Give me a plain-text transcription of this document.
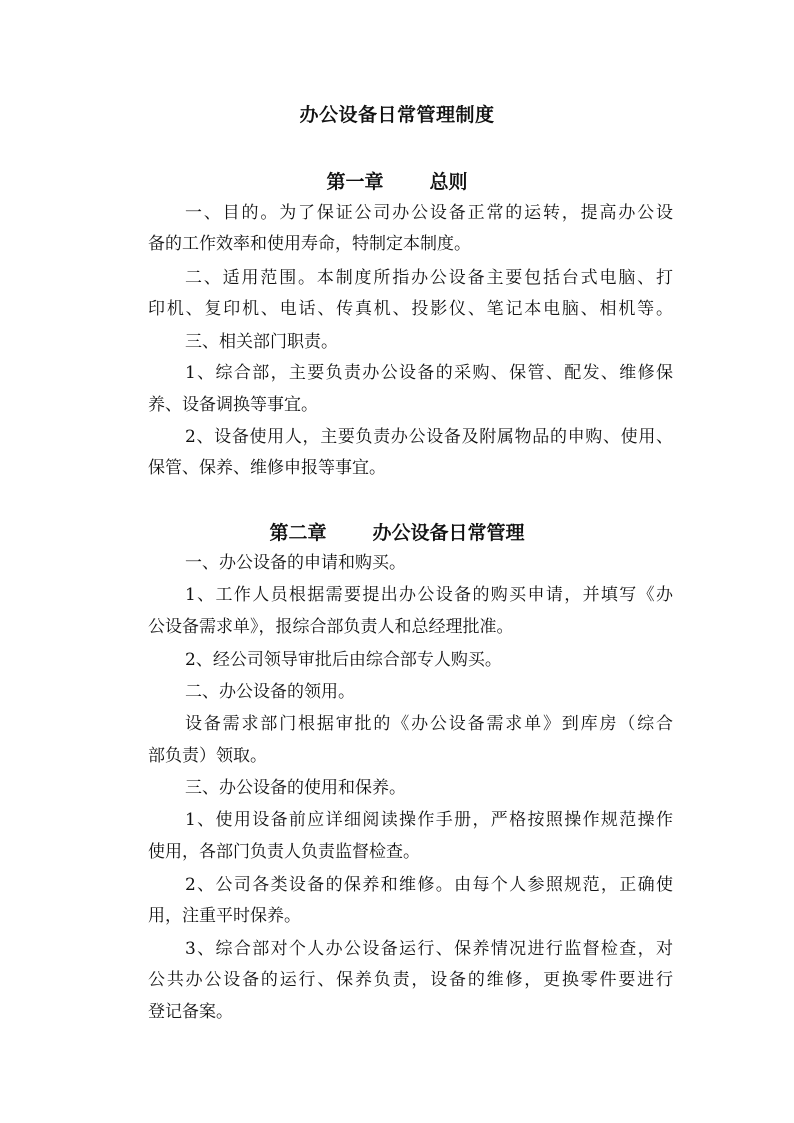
办公设备日常管理制度
第一章 总则
一、目的。为了保证公司办公设备正常的运转，提高办公设
备的工作效率和使用寿命，特制定本制度。
二、适用范围。本制度所指办公设备主要包括台式电脑、打
印机、复印机、电话、传真机、投影仪、笔记本电脑、相机等。
三、相关部门职责。
1、综合部，主要负责办公设备的采购、保管、配发、维修保
养、设备调换等事宜。
2、设备使用人，主要负责办公设备及附属物品的申购、使用、
保管、保养、维修申报等事宜。
第二章 办公设备日常管理
一、办公设备的申请和购买。
1、工作人员根据需要提出办公设备的购买申请，并填写《办
公设备需求单》，报综合部负责人和总经理批准。
2、经公司领导审批后由综合部专人购买。
二、办公设备的领用。
设备需求部门根据审批的《办公设备需求单》到库房（综合
部负责）领取。
三、办公设备的使用和保养。
1、使用设备前应详细阅读操作手册，严格按照操作规范操作
使用，各部门负责人负责监督检查。
2、公司各类设备的保养和维修。由每个人参照规范，正确使
用，注重平时保养。
3、综合部对个人办公设备运行、保养情况进行监督检查，对
公共办公设备的运行、保养负责，设备的维修，更换零件要进行
登记备案。
